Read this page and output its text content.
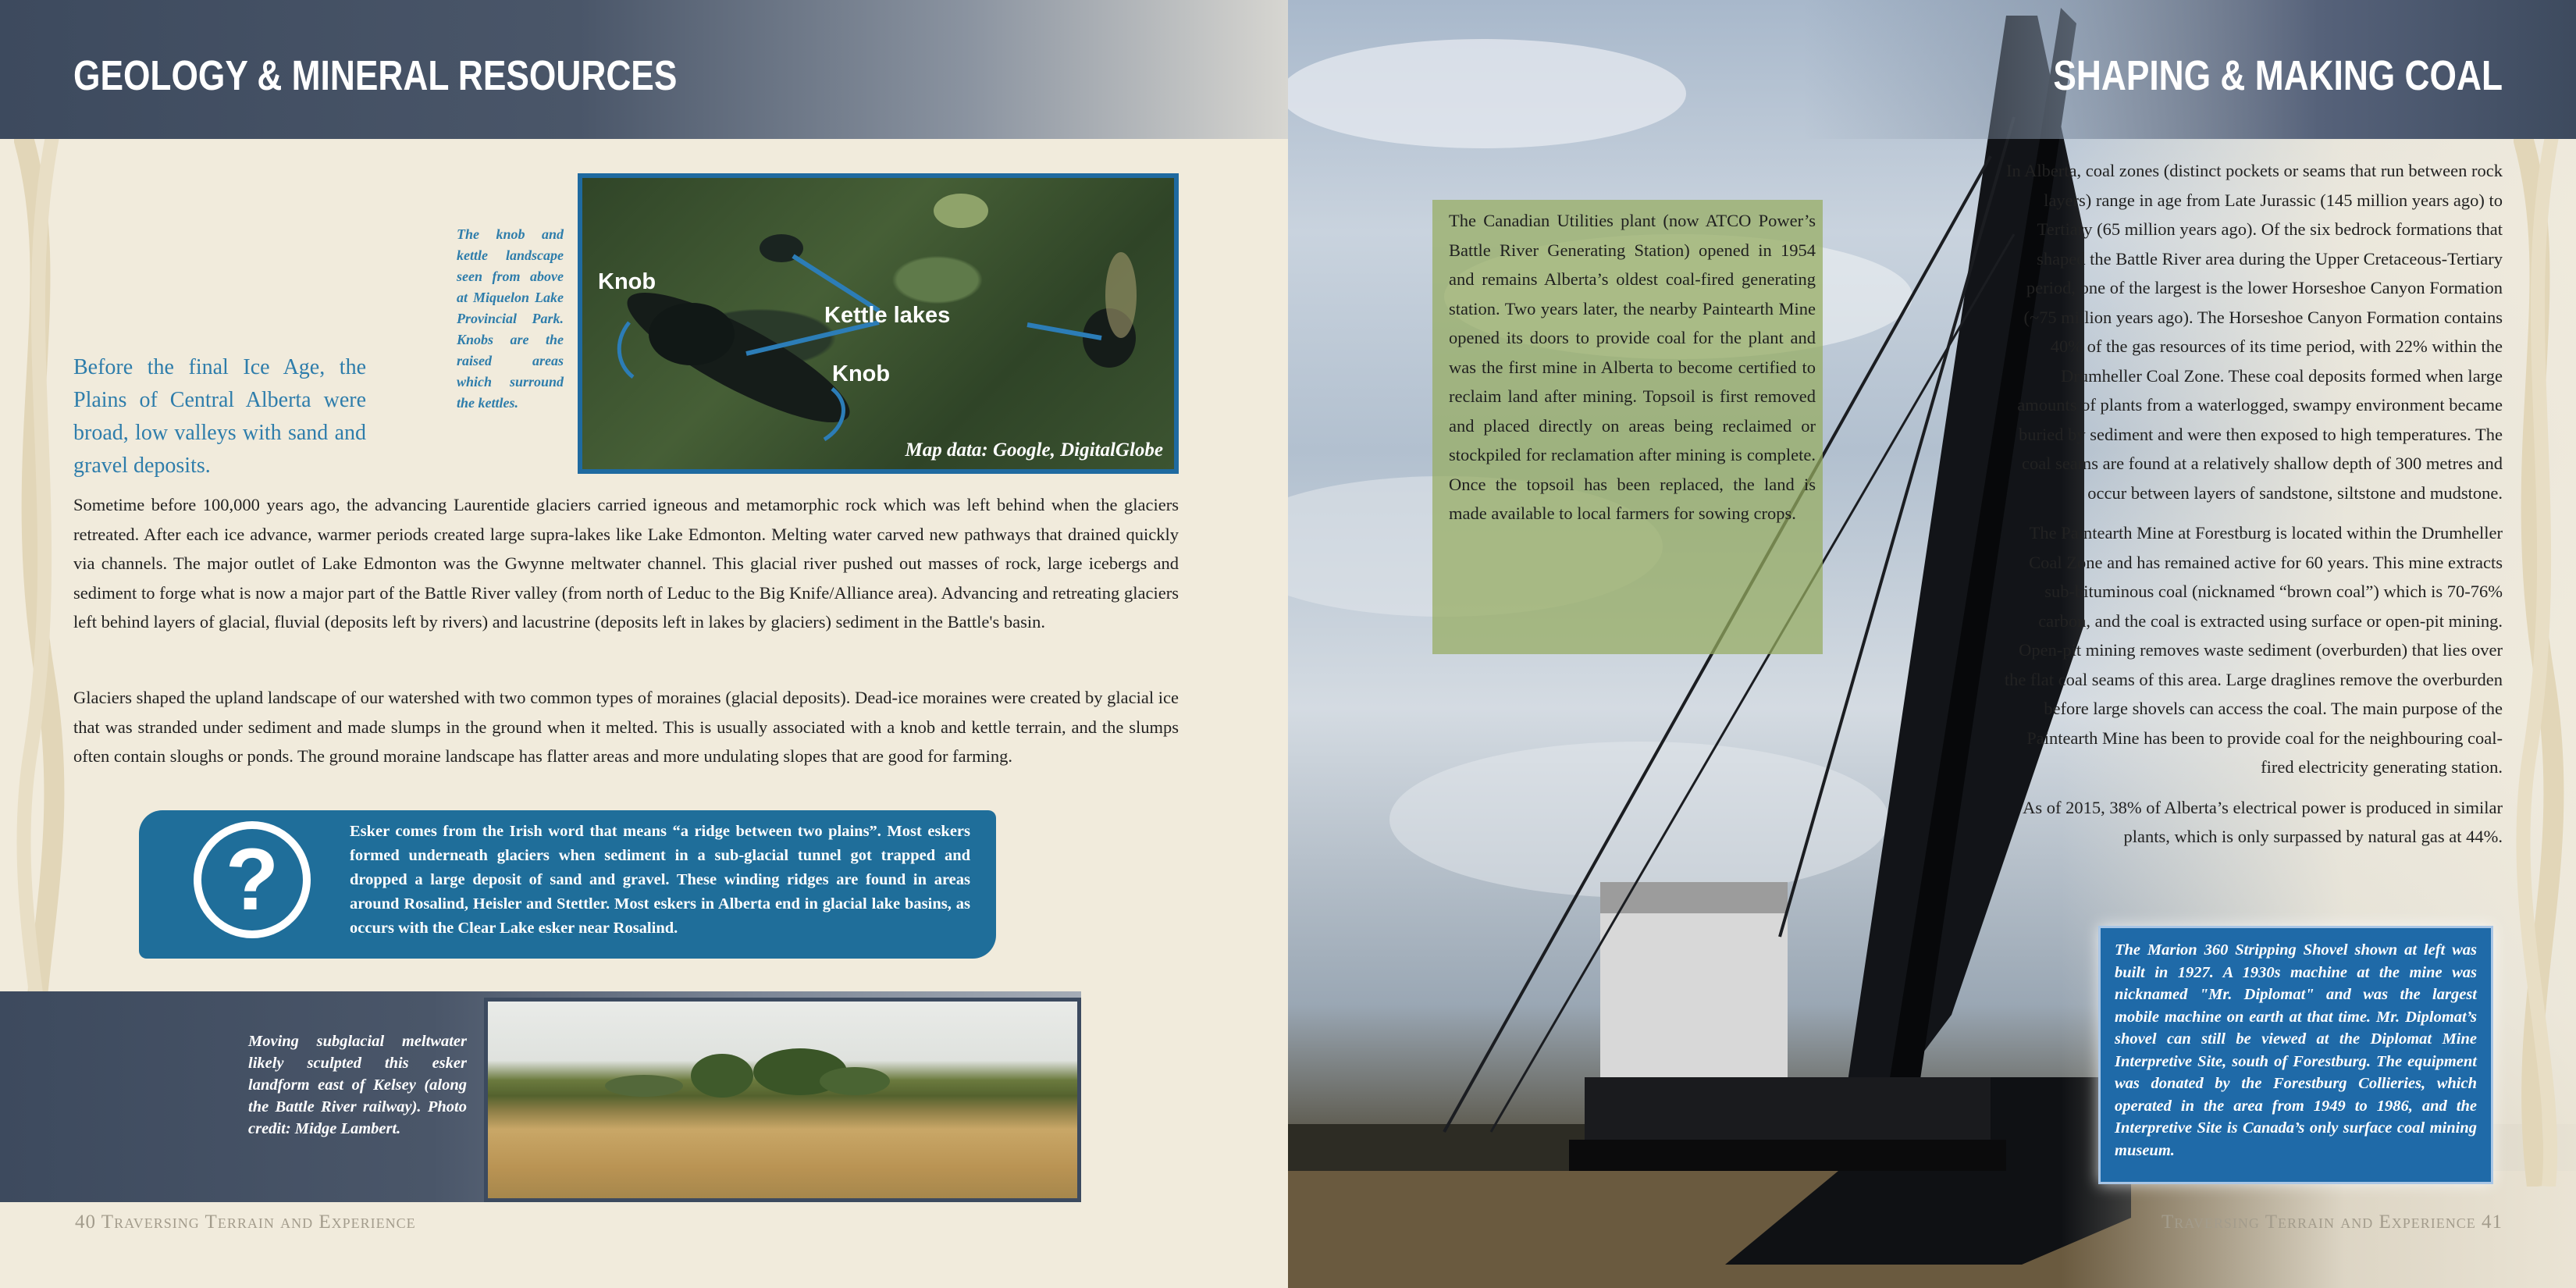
GEOLOGY & MINERAL RESOURCES
Before the final Ice Age, the Plains of Central Alberta were broad, low valleys with sand and gravel deposits.
The knob and kettle landscape seen from above at Miquelon Lake Provincial Park. Knobs are the raised areas which surround the kettles.
Knob
Kettle lakes
Knob
Map data: Google, DigitalGlobe
Sometime before 100,000 years ago, the advancing Laurentide glaciers carried igneous and metamorphic rock which was left behind when the glaciers retreated. After each ice advance, warmer periods created large supra-lakes like Lake Edmonton. Melting water carved new pathways that drained quickly via channels. The major outlet of Lake Edmonton was the Gwynne meltwater channel. This glacial river pushed out masses of rock, large icebergs and sediment to forge what is now a major part of the Battle River valley (from north of Leduc to the Big Knife/Alliance area). Advancing and retreating glaciers left behind layers of glacial, fluvial (deposits left by rivers) and lacustrine (deposits left in lakes by glaciers) sediment in the Battle's basin.
Glaciers shaped the upland landscape of our watershed with two common types of moraines (glacial deposits). Dead-ice moraines were created by glacial ice that was stranded under sediment and made slumps in the ground when it melted. This is usually associated with a knob and kettle terrain, and the slumps often contain sloughs or ponds. The ground moraine landscape has flatter areas and more undulating slopes that are good for farming.
?	Esker comes from the Irish word that means “a ridge between two plains”. Most eskers formed underneath glaciers when sediment in a sub-glacial tunnel got trapped and dropped a large deposit of sand and gravel. These winding ridges are found in areas around Rosalind, Heisler and Stettler. Most eskers in Alberta end in glacial lake basins, as occurs with the Clear Lake esker near Rosalind.
Moving subglacial meltwater likely sculpted this esker landform east of Kelsey (along the Battle River railway). Photo credit: Midge Lambert.
40 Traversing Terrain and Experience
SHAPING & MAKING COAL
The Canadian Utilities plant (now ATCO Power’s Battle River Generating Station) opened in 1954 and remains Alberta’s oldest coal-fired generating station. Two years later, the nearby Paintearth Mine opened its doors to provide coal for the plant and was the first mine in Alberta to become certified to reclaim land after mining. Topsoil is first removed and placed directly on areas being reclaimed or stockpiled for reclamation after mining is complete. Once the topsoil has been replaced, the land is made available to local farmers for sowing crops.
In Alberta, coal zones (distinct pockets or seams that run between rock layers) range in age from Late Jurassic (145 million years ago) to Tertiary (65 million years ago). Of the six bedrock formations that shaped the Battle River area during the Upper Cretaceous-Tertiary period, one of the largest is the lower Horseshoe Canyon Formation (~75 million years ago). The Horseshoe Canyon Formation contains 40% of the gas resources of its time period, with 22% within the Drumheller Coal Zone. These coal deposits formed when large amounts of plants from a waterlogged, swampy environment became buried by sediment and were then exposed to high temperatures. The coal seams are found at a relatively shallow depth of 300 metres and occur between layers of sandstone, siltstone and mudstone.
The Paintearth Mine at Forestburg is located within the Drumheller Coal Zone and has remained active for 60 years. This mine extracts sub-bituminous coal (nicknamed “brown coal”) which is 70-76% carbon, and the coal is extracted using surface or open-pit mining. Open-pit mining removes waste sediment (overburden) that lies over the flat coal seams of this area. Large draglines remove the overburden before large shovels can access the coal. The main purpose of the Paintearth Mine has been to provide coal for the neighbouring coal-fired electricity generating station.
As of 2015, 38% of Alberta’s electrical power is produced in similar plants, which is only surpassed by natural gas at 44%.
The Marion 360 Stripping Shovel shown at left was built in 1927. A 1930s machine at the mine was nicknamed "Mr. Diplomat" and was the largest mobile machine on earth at that time. Mr. Diplomat’s shovel can still be viewed at the Diplomat Mine Interpretive Site, south of Forestburg. The equipment was donated by the Forestburg Collieries, which operated in the area from 1949 to 1986, and the Interpretive Site is Canada’s only surface coal mining museum.
Traversing Terrain and Experience 41
